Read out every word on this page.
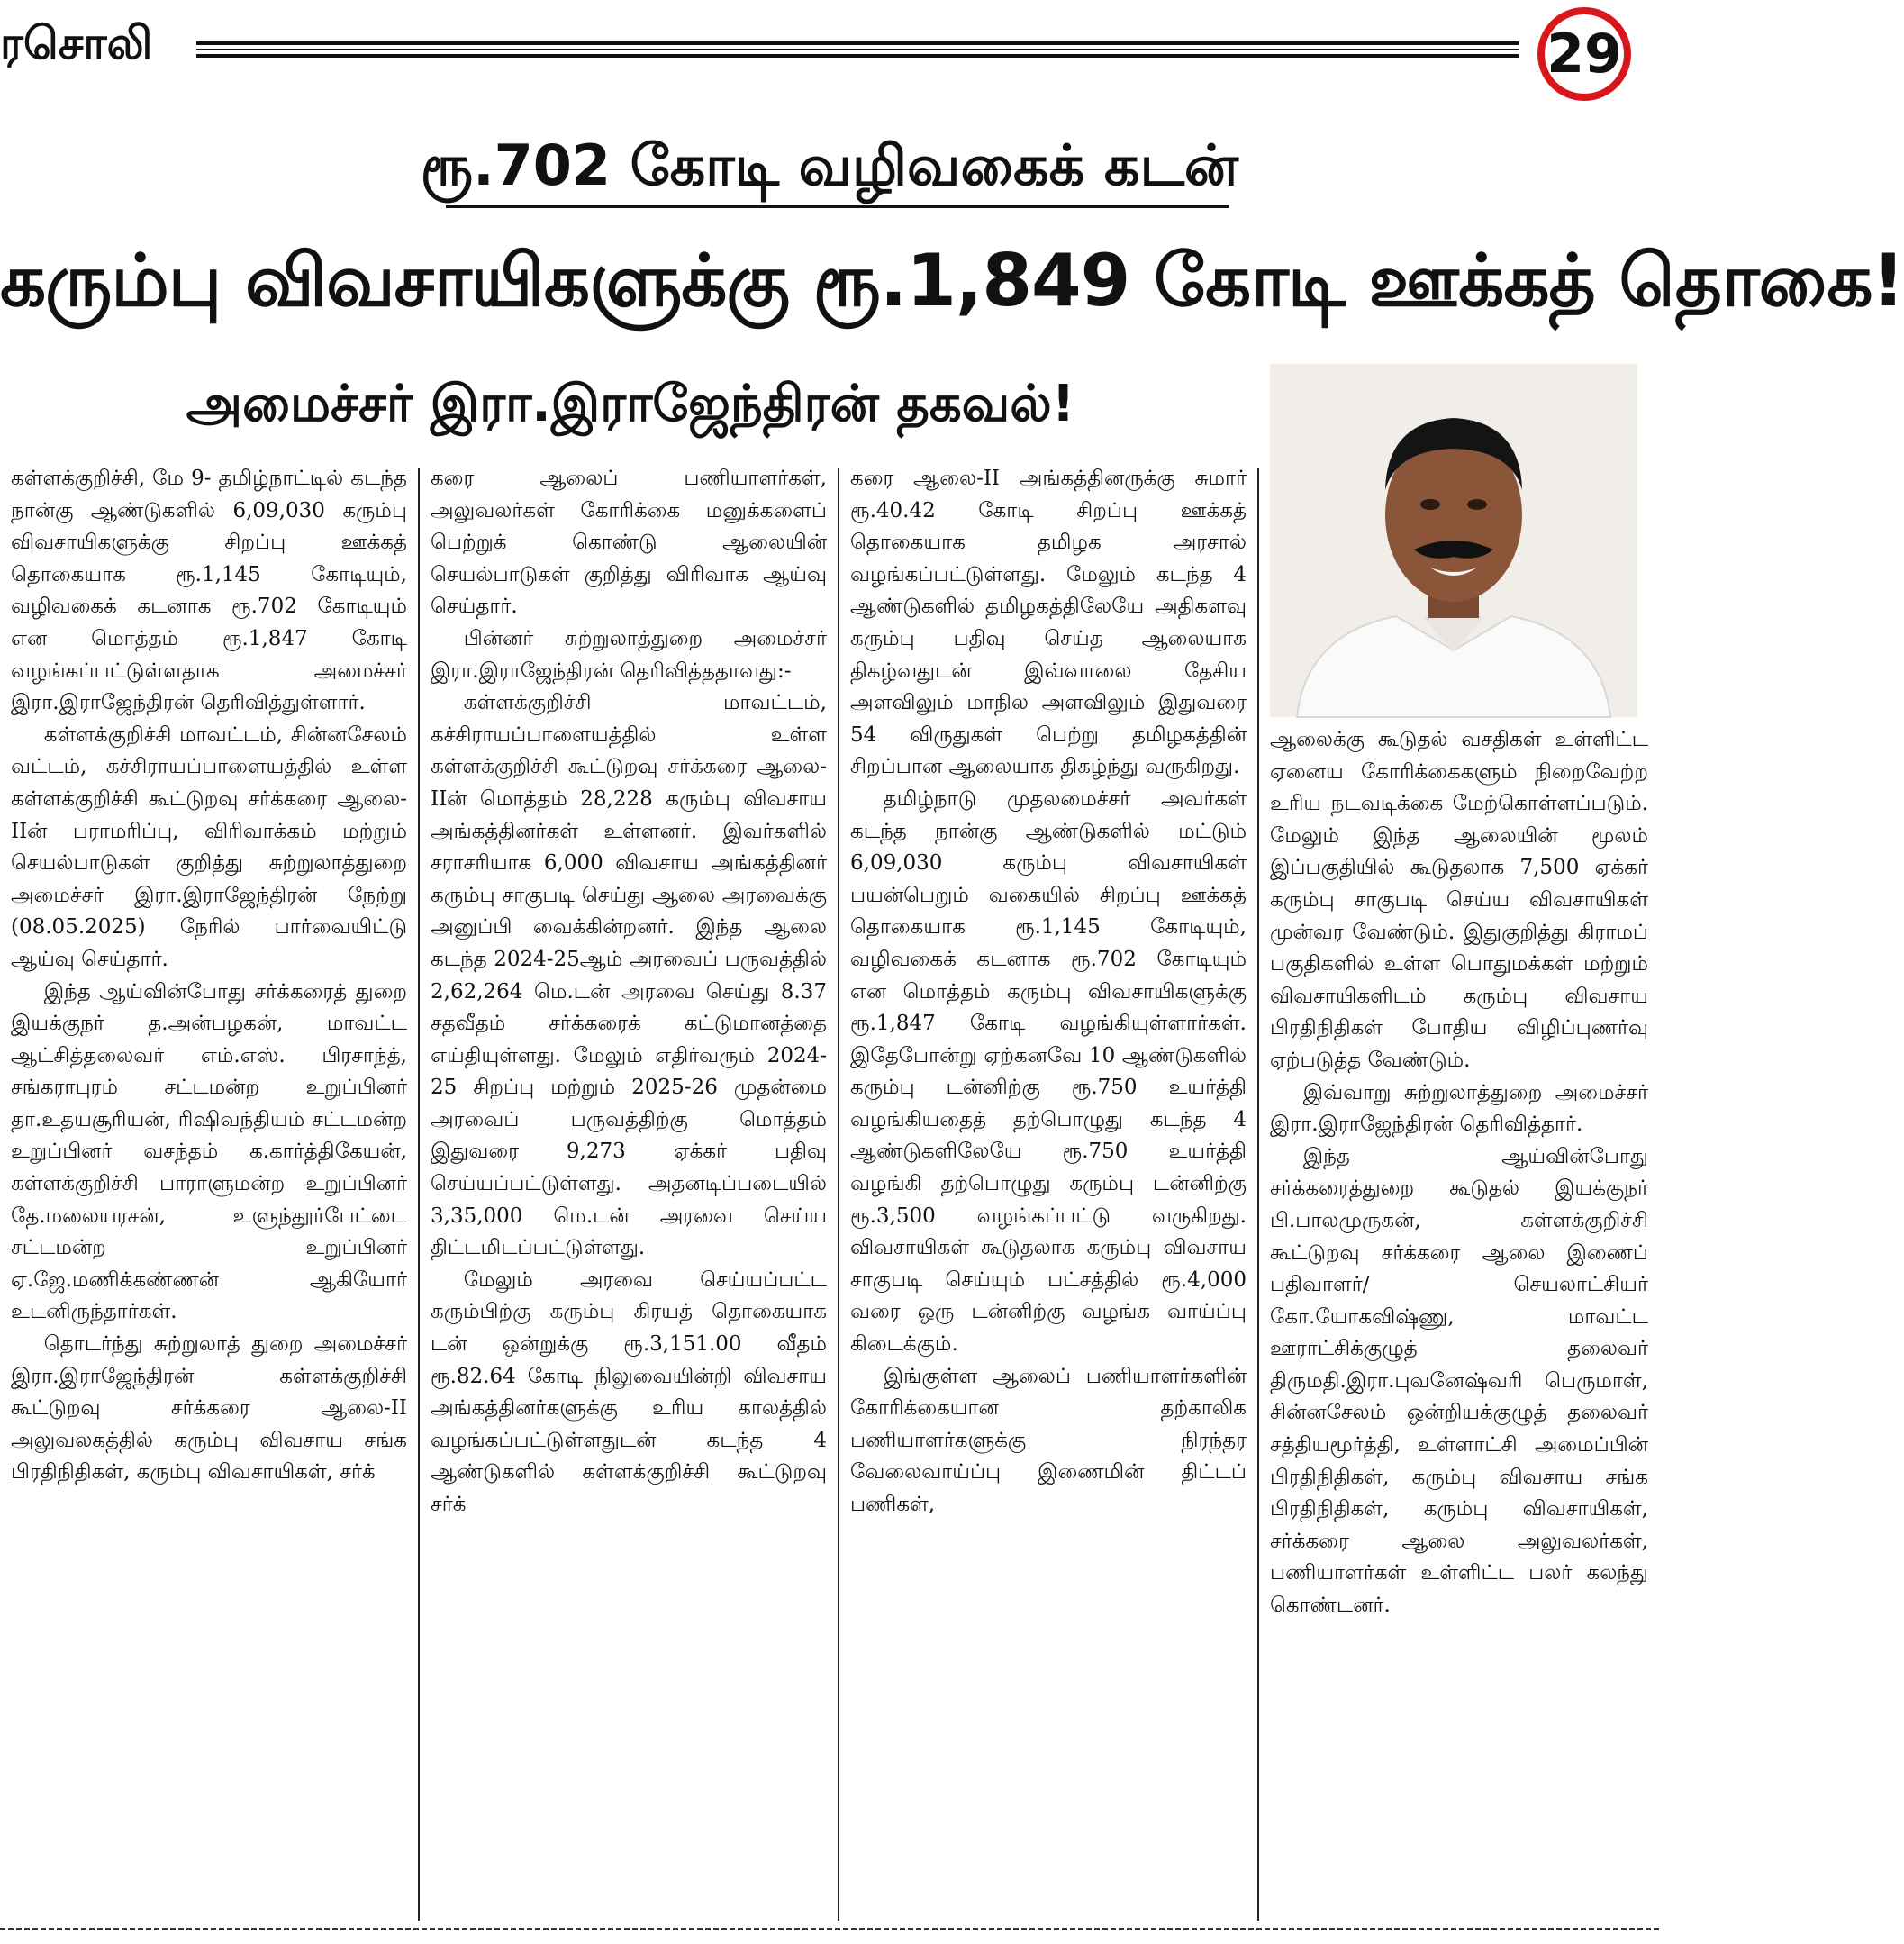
ரசொலி	29
ரூ.702 கோடி வழிவகைக் கடன்
கரும்பு விவசாயிகளுக்கு ரூ.1,849 கோடி ஊக்கத் தொகை!
அமைச்சர் இரா.இராஜேந்திரன் தகவல்!

கள்ளக்குறிச்சி, மே 9- தமிழ்நாட்டில் கடந்த நான்கு ஆண்டுகளில் 6,09,030 கரும்பு விவசாயிகளுக்கு சிறப்பு ஊக்கத் தொகையாக ரூ.1,145 கோடியும், வழிவகைக் கடனாக ரூ.702 கோடியும் என மொத்தம் ரூ.1,847 கோடி வழங்கப்பட்டுள்ளதாக அமைச்சர் இரா.இராஜேந்திரன் தெரிவித்துள்ளார்.

கள்ளக்குறிச்சி மாவட்டம், சின்னசேலம் வட்டம், கச்சிராயப்பாளையத்தில் உள்ள கள்ளக்குறிச்சி கூட்டுறவு சர்க்கரை ஆலை-IIன் பராமரிப்பு, விரிவாக்கம் மற்றும் செயல்பாடுகள் குறித்து சுற்றுலாத்துறை அமைச்சர் இரா.இராஜேந்திரன் நேற்று (08.05.2025) நேரில் பார்வையிட்டு ஆய்வு செய்தார்.

இந்த ஆய்வின்போது சர்க்கரைத் துறை இயக்குநர் த.அன்பழகன், மாவட்ட ஆட்சித்தலைவர் எம்.எஸ். பிரசாந்த், சங்கராபுரம் சட்டமன்ற உறுப்பினர் தா.உதயசூரியன், ரிஷிவந்தியம் சட்டமன்ற உறுப்பினர் வசந்தம் க.கார்த்திகேயன், கள்ளக்குறிச்சி பாராளுமன்ற உறுப்பினர் தே.மலையரசன், உளுந்தூர்பேட்டை சட்டமன்ற உறுப்பினர் ஏ.ஜே.மணிக்கண்ணன் ஆகியோர் உடனிருந்தார்கள்.

தொடர்ந்து சுற்றுலாத் துறை அமைச்சர் இரா.இராஜேந்திரன் கள்ளக்குறிச்சி கூட்டுறவு சர்க்கரை ஆலை-II அலுவலகத்தில் கரும்பு விவசாய சங்க பிரதிநிதிகள், கரும்பு விவசாயிகள், சர்க்

கரை ஆலைப் பணியாளர்கள், அலுவலர்கள் கோரிக்கை மனுக்களைப் பெற்றுக் கொண்டு ஆலையின் செயல்பாடுகள் குறித்து விரிவாக ஆய்வு செய்தார்.

பின்னர் சுற்றுலாத்துறை அமைச்சர் இரா.இராஜேந்திரன் தெரிவித்ததாவது:-

கள்ளக்குறிச்சி மாவட்டம், கச்சிராயப்பாளையத்தில் உள்ள கள்ளக்குறிச்சி கூட்டுறவு சர்க்கரை ஆலை-IIன் மொத்தம் 28,228 கரும்பு விவசாய அங்கத்தினர்கள் உள்ளனர். இவர்களில் சராசரியாக 6,000 விவசாய அங்கத்தினர் கரும்பு சாகுபடி செய்து ஆலை அரவைக்கு அனுப்பி வைக்கின்றனர். இந்த ஆலை கடந்த 2024-25ஆம் அரவைப் பருவத்தில் 2,62,264 மெ.டன் அரவை செய்து 8.37 சதவீதம் சர்க்கரைக் கட்டுமானத்தை எய்தியுள்ளது. மேலும் எதிர்வரும் 2024-25 சிறப்பு மற்றும் 2025-26 முதன்மை அரவைப் பருவத்திற்கு மொத்தம் இதுவரை 9,273 ஏக்கர் பதிவு செய்யப்பட்டுள்ளது. அதனடிப்படையில் 3,35,000 மெ.டன் அரவை செய்ய திட்டமிடப்பட்டுள்ளது.

மேலும் அரவை செய்யப்பட்ட கரும்பிற்கு கரும்பு கிரயத் தொகையாக டன் ஒன்றுக்கு ரூ.3,151.00 வீதம் ரூ.82.64 கோடி நிலுவையின்றி விவசாய அங்கத்தினர்களுக்கு உரிய காலத்தில் வழங்கப்பட்டுள்ளதுடன் கடந்த 4 ஆண்டுகளில் கள்ளக்குறிச்சி கூட்டுறவு சர்க்

கரை ஆலை-II அங்கத்தினருக்கு சுமார் ரூ.40.42 கோடி சிறப்பு ஊக்கத் தொகையாக தமிழக அரசால் வழங்கப்பட்டுள்ளது. மேலும் கடந்த 4 ஆண்டுகளில் தமிழகத்திலேயே அதிகளவு கரும்பு பதிவு செய்த ஆலையாக திகழ்வதுடன் இவ்வாலை தேசிய அளவிலும் மாநில அளவிலும் இதுவரை 54 விருதுகள் பெற்று தமிழகத்தின் சிறப்பான ஆலையாக திகழ்ந்து வருகிறது.

தமிழ்நாடு முதலமைச்சர் அவர்கள் கடந்த நான்கு ஆண்டுகளில் மட்டும் 6,09,030 கரும்பு விவசாயிகள் பயன்பெறும் வகையில் சிறப்பு ஊக்கத் தொகையாக ரூ.1,145 கோடியும், வழிவகைக் கடனாக ரூ.702 கோடியும் என மொத்தம் கரும்பு விவசாயிகளுக்கு ரூ.1,847 கோடி வழங்கியுள்ளார்கள். இதேபோன்று ஏற்கனவே 10 ஆண்டுகளில் கரும்பு டன்னிற்கு ரூ.750 உயர்த்தி வழங்கியதைத் தற்பொழுது கடந்த 4 ஆண்டுகளிலேயே ரூ.750 உயர்த்தி வழங்கி தற்பொழுது கரும்பு டன்னிற்கு ரூ.3,500 வழங்கப்பட்டு வருகிறது. விவசாயிகள் கூடுதலாக கரும்பு விவசாய சாகுபடி செய்யும் பட்சத்தில் ரூ.4,000 வரை ஒரு டன்னிற்கு வழங்க வாய்ப்பு கிடைக்கும்.

இங்குள்ள ஆலைப் பணியாளர்களின் கோரிக்கையான தற்காலிக பணியாளர்களுக்கு நிரந்தர வேலைவாய்ப்பு இணைமின் திட்டப் பணிகள்,

ஆலைக்கு கூடுதல் வசதிகள் உள்ளிட்ட ஏனைய கோரிக்கைகளும் நிறைவேற்ற உரிய நடவடிக்கை மேற்கொள்ளப்படும். மேலும் இந்த ஆலையின் மூலம் இப்பகுதியில் கூடுதலாக 7,500 ஏக்கர் கரும்பு சாகுபடி செய்ய விவசாயிகள் முன்வர வேண்டும். இதுகுறித்து கிராமப் பகுதிகளில் உள்ள பொதுமக்கள் மற்றும் விவசாயிகளிடம் கரும்பு விவசாய பிரதிநிதிகள் போதிய விழிப்புணர்வு ஏற்படுத்த வேண்டும்.

இவ்வாறு சுற்றுலாத்துறை அமைச்சர் இரா.இராஜேந்திரன் தெரிவித்தார்.

இந்த ஆய்வின்போது சர்க்கரைத்துறை கூடுதல் இயக்குநர் பி.பாலமுருகன், கள்ளக்குறிச்சி கூட்டுறவு சர்க்கரை ஆலை இணைப் பதிவாளர்/ செயலாட்சியர் கோ.யோகவிஷ்ணு, மாவட்ட ஊராட்சிக்குழுத் தலைவர் திருமதி.இரா.புவனேஷ்வரி பெருமாள், சின்னசேலம் ஒன்றியக்குழுத் தலைவர் சத்தியமூர்த்தி, உள்ளாட்சி அமைப்பின் பிரதிநிதிகள், கரும்பு விவசாய சங்க பிரதிநிதிகள், கரும்பு விவசாயிகள், சர்க்கரை ஆலை அலுவலர்கள், பணியாளர்கள் உள்ளிட்ட பலர் கலந்து கொண்டனர்.
